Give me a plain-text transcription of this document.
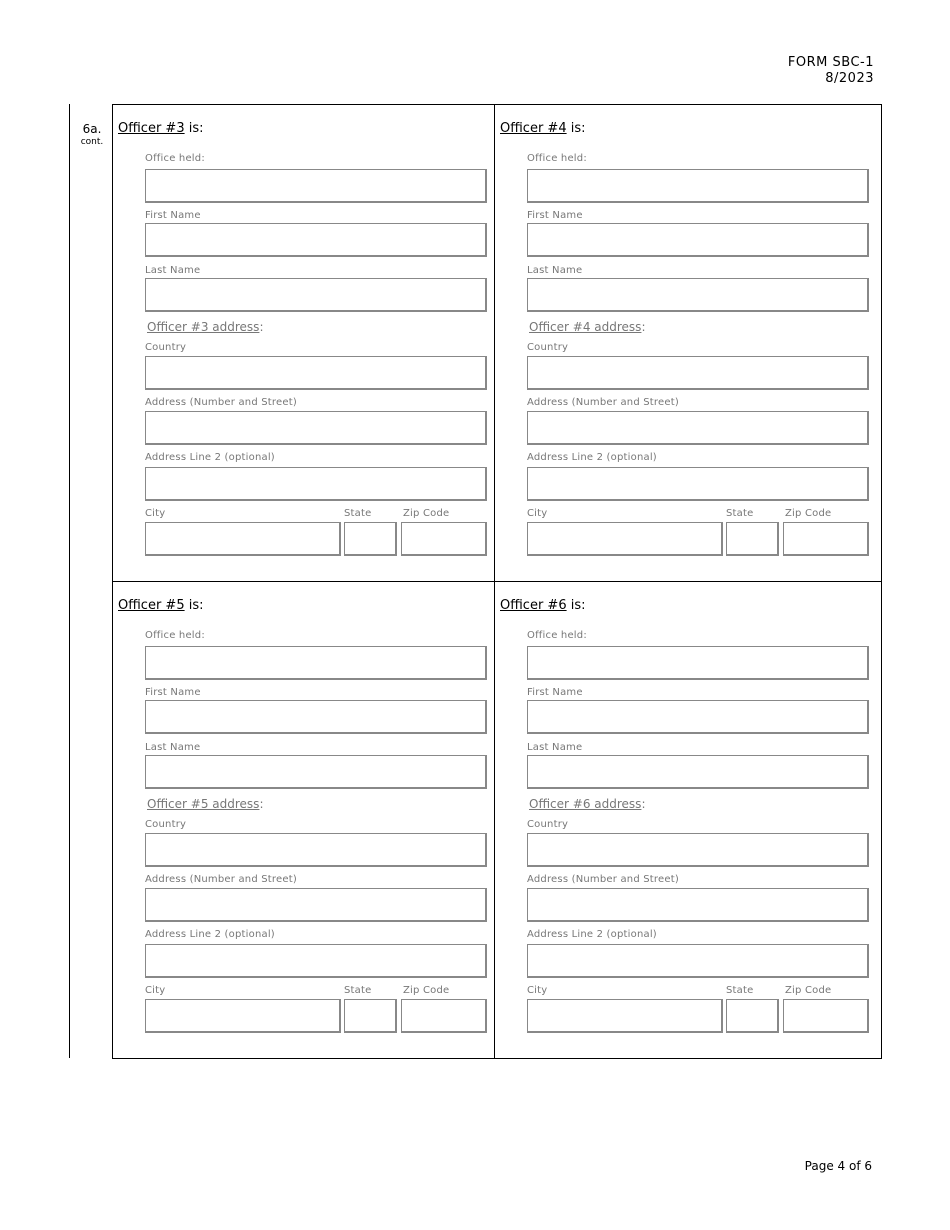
FORM SBC-1
8/2023
6a.
cont.
Officer #3 is:
Office held:
First Name
Last Name
Officer #3 address:
Country
Address (Number and Street)
Address Line 2 (optional)
City	State	Zip Code
Officer #4 is:
Office held:
First Name
Last Name
Officer #4 address:
Country
Address (Number and Street)
Address Line 2 (optional)
City	State	Zip Code
Officer #5 is:
Office held:
First Name
Last Name
Officer #5 address:
Country
Address (Number and Street)
Address Line 2 (optional)
City	State	Zip Code
Officer #6 is:
Office held:
First Name
Last Name
Officer #6 address:
Country
Address (Number and Street)
Address Line 2 (optional)
City	State	Zip Code
Page 4 of 6
